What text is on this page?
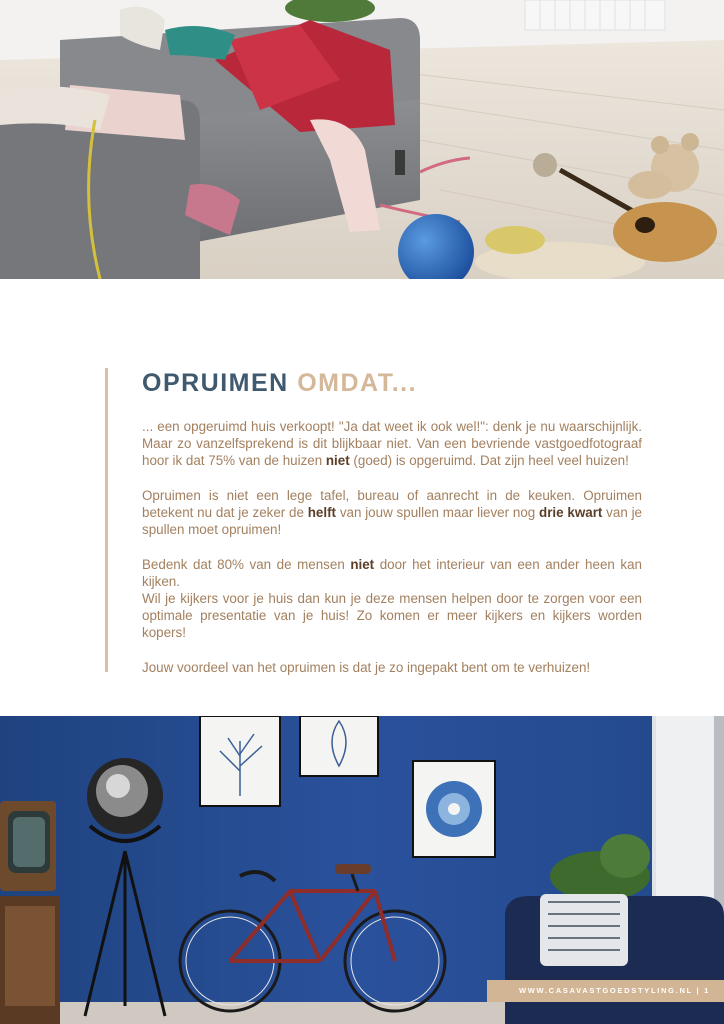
OPRUIMEN OMDAT...

... een opgeruimd huis verkoopt! "Ja dat weet ik ook wel!": denk je nu waarschijnlijk. Maar zo vanzelfsprekend is dit blijkbaar niet. Van een bevriende vastgoedfotograaf hoor ik dat 75% van de huizen niet (goed) is opgeruimd. Dat zijn heel veel huizen!

Opruimen is niet een lege tafel, bureau of aanrecht in de keuken. Opruimen betekent nu dat je zeker de helft van jouw spullen maar liever nog drie kwart van je spullen moet opruimen!

Bedenk dat 80% van de mensen niet door het interieur van een ander heen kan kijken.
Wil je kijkers voor je huis dan kun je deze mensen helpen door te zorgen voor een optimale presentatie van je huis! Zo komen er meer kijkers en kijkers worden kopers!

Jouw voordeel van het opruimen is dat je zo ingepakt bent om te verhuizen!

WWW.CASAVASTGOEDSTYLING.NL | 1
